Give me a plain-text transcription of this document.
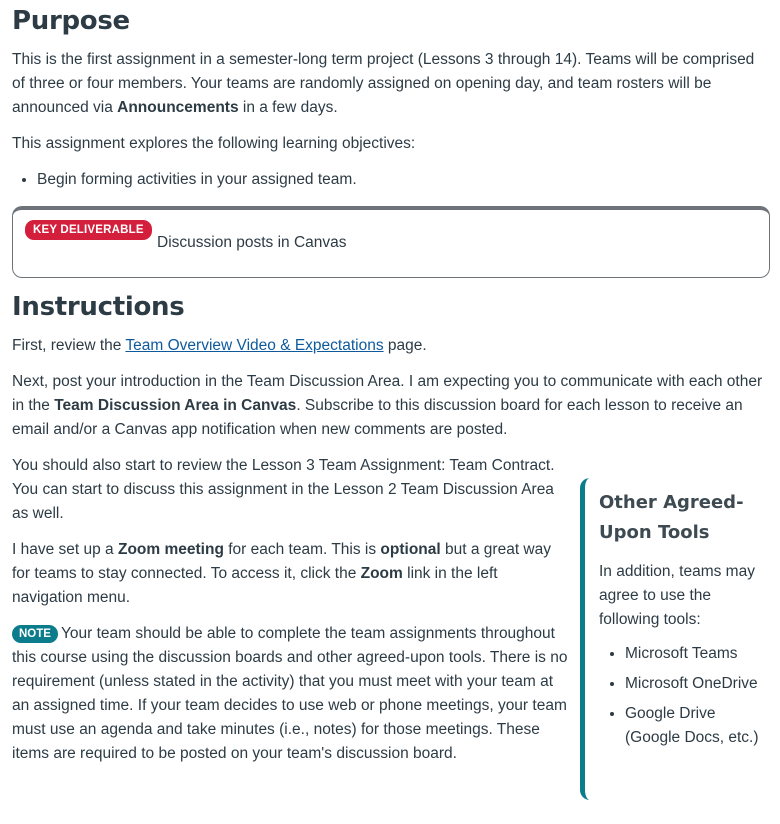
Purpose

This is the first assignment in a semester-long term project (Lessons 3 through 14). Teams will be comprised of three or four members. Your teams are randomly assigned on opening day, and team rosters will be announced via Announcements in a few days.

This assignment explores the following learning objectives:

• Begin forming activities in your assigned team.
KEY DELIVERABLE
Discussion posts in Canvas
Instructions

First, review the Team Overview Video & Expectations page.

Next, post your introduction in the Team Discussion Area. I am expecting you to communicate with each other in the Team Discussion Area in Canvas. Subscribe to this discussion board for each lesson to receive an email and/or a Canvas app notification when new comments are posted.

You should also start to review the Lesson 3 Team Assignment: Team Contract. You can start to discuss this assignment in the Lesson 2 Team Discussion Area as well.

I have set up a Zoom meeting for each team. This is optional but a great way for teams to stay connected. To access it, click the Zoom link in the left navigation menu.

NOTE Your team should be able to complete the team assignments throughout this course using the discussion boards and other agreed-upon tools. There is no requirement (unless stated in the activity) that you must meet with your team at an assigned time. If your team decides to use web or phone meetings, your team must use an agenda and take minutes (i.e., notes) for those meetings. These items are required to be posted on your team's discussion board.

Other Agreed-Upon Tools

In addition, teams may agree to use the following tools:

• Microsoft Teams
• Microsoft OneDrive
• Google Drive (Google Docs, etc.)
